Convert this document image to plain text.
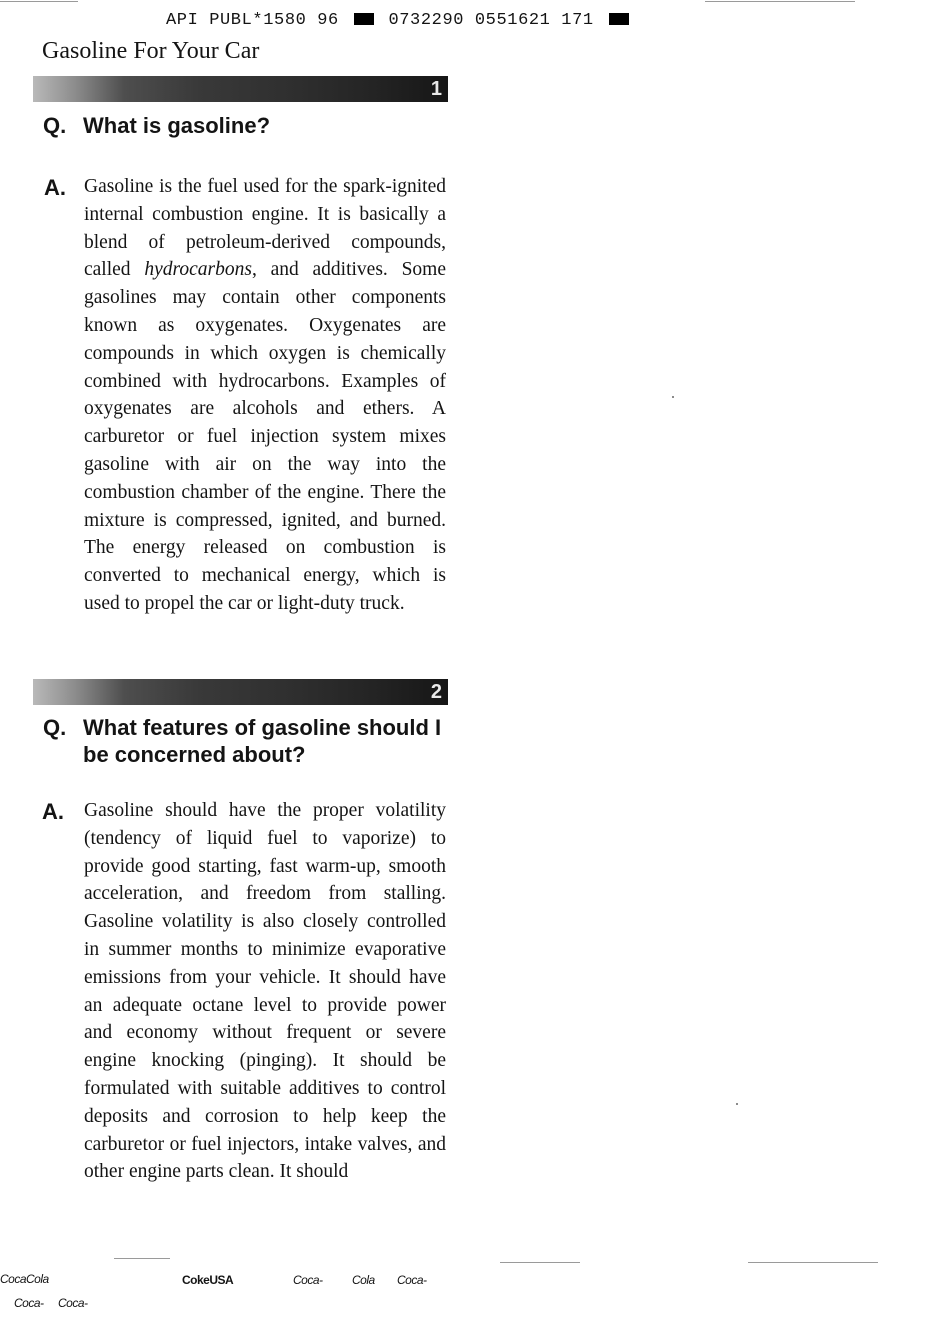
API PUBL*1580 96	0732290 0551621 171
Gasoline For Your Car
1
Q. What is gasoline?

A. Gasoline is the fuel used for the spark-ignited internal combustion engine. It is basically a blend of petroleum-derived compounds, called hydrocarbons, and additives. Some gasolines may contain other components known as oxygenates. Oxygenates are compounds in which oxygen is chemically combined with hydrocarbons. Examples of oxygenates are alcohols and ethers. A carburetor or fuel injection system mixes gasoline with air on the way into the combustion chamber of the engine. There the mixture is compressed, ignited, and burned. The energy released on combustion is converted to mechanical energy, which is used to propel the car or light-duty truck.

2
Q. What features of gasoline should I be concerned about?

A. Gasoline should have the proper volatility (tendency of liquid fuel to vaporize) to provide good starting, fast warm-up, smooth acceleration, and freedom from stalling. Gasoline volatility is also closely controlled in summer months to minimize evaporative emissions from your vehicle. It should have an adequate octane level to provide power and economy without frequent or severe engine knocking (pinging). It should be formulated with suitable additives to control deposits and corrosion to help keep the carburetor or fuel injectors, intake valves, and other engine parts clean. It should

CocaCola	CokeUSA	Coca- Cola Coca-
Coca- Coca-
